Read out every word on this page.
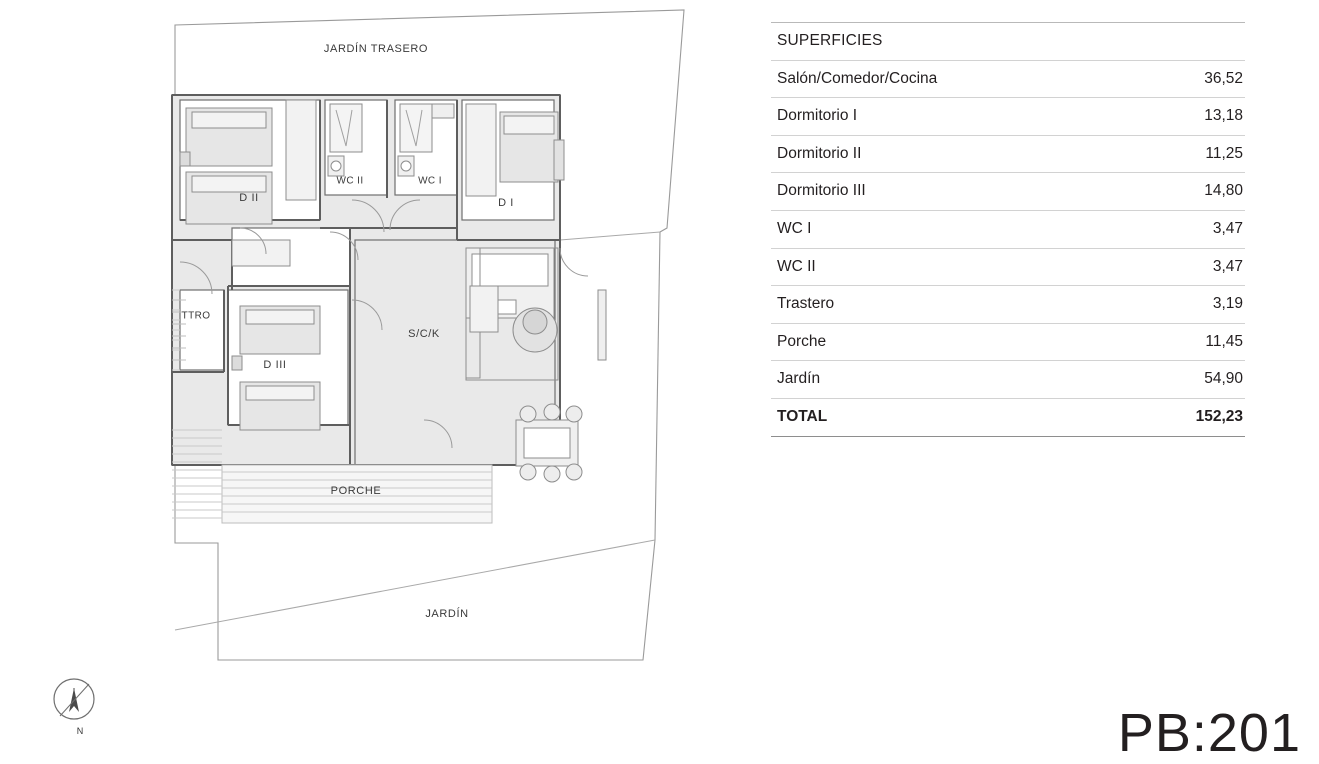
JARDÍN TRASERO
D II
WC II	WC I
D I
TTRO
D III
S/C/K
PORCHE
JARDÍN
N
SUPERFICIES
Salón/Comedor/Cocina	36,52
Dormitorio I	13,18
Dormitorio II	11,25
Dormitorio III	14,80
WC I	3,47
WC II	3,47
Trastero	3,19
Porche	11,45
Jardín	54,90
TOTAL	152,23
PB:201
